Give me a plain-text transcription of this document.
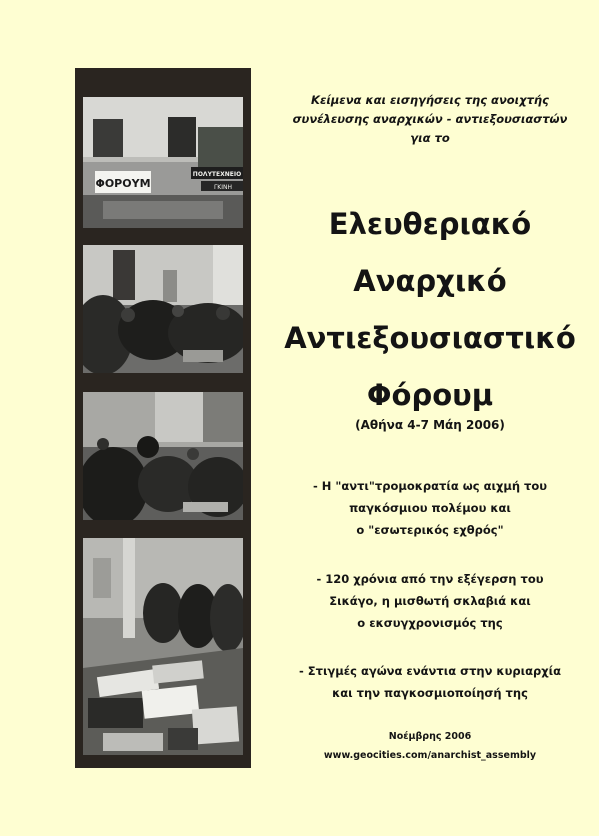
ΦΟΡΟΥΜ
ΠΟΛΥΤΕΧΝΕΙΟ
ΓΚΙΝΗ
Κείμενα και εισηγήσεις της ανοιχτής
συνέλευσης αναρχικών - αντιεξουσιαστών
για το
Ελευθεριακό
Αναρχικό
Αντιεξουσιαστικό
Φόρουμ
(Αθήνα 4-7 Μάη 2006)
- Η "αντι"τρομοκρατία ως αιχμή του
παγκόσμιου πολέμου και
ο "εσωτερικός εχθρός"
- 120 χρόνια από την εξέγερση του
Σικάγο, η μισθωτή σκλαβιά και
ο εκσυγχρονισμός της
- Στιγμές αγώνα ενάντια στην κυριαρχία
και την παγκοσμιοποίησή της
Νοέμβρης 2006
www.geocities.com/anarchist_assembly
